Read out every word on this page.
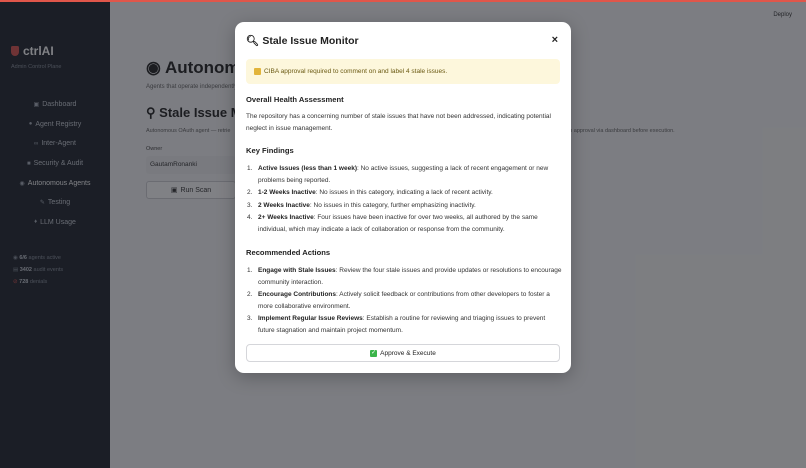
🔍︎ Stale Issue Monitor	×
CIBA approval required to comment on and label 4 stale issues.
Overall Health Assessment
The repository has a concerning number of stale issues that have not been addressed, indicating potential neglect in issue management.
Key Findings
1. Active Issues (less than 1 week): No active issues, suggesting a lack of recent engagement or new problems being reported.
2. 1-2 Weeks Inactive: No issues in this category, indicating a lack of recent activity.
3. 2 Weeks Inactive: No issues in this category, further emphasizing inactivity.
4. 2+ Weeks Inactive: Four issues have been inactive for over two weeks, all authored by the same individual, which may indicate a lack of collaboration or response from the community.
Recommended Actions
1. Engage with Stale Issues: Review the four stale issues and provide updates or resolutions to encourage community interaction.
2. Encourage Contributions: Actively solicit feedback or contributions from other developers to foster a more collaborative environment.
3. Implement Regular Issue Reviews: Establish a routine for reviewing and triaging issues to prevent future stagnation and maintain project momentum.
✓ Approve & Execute
